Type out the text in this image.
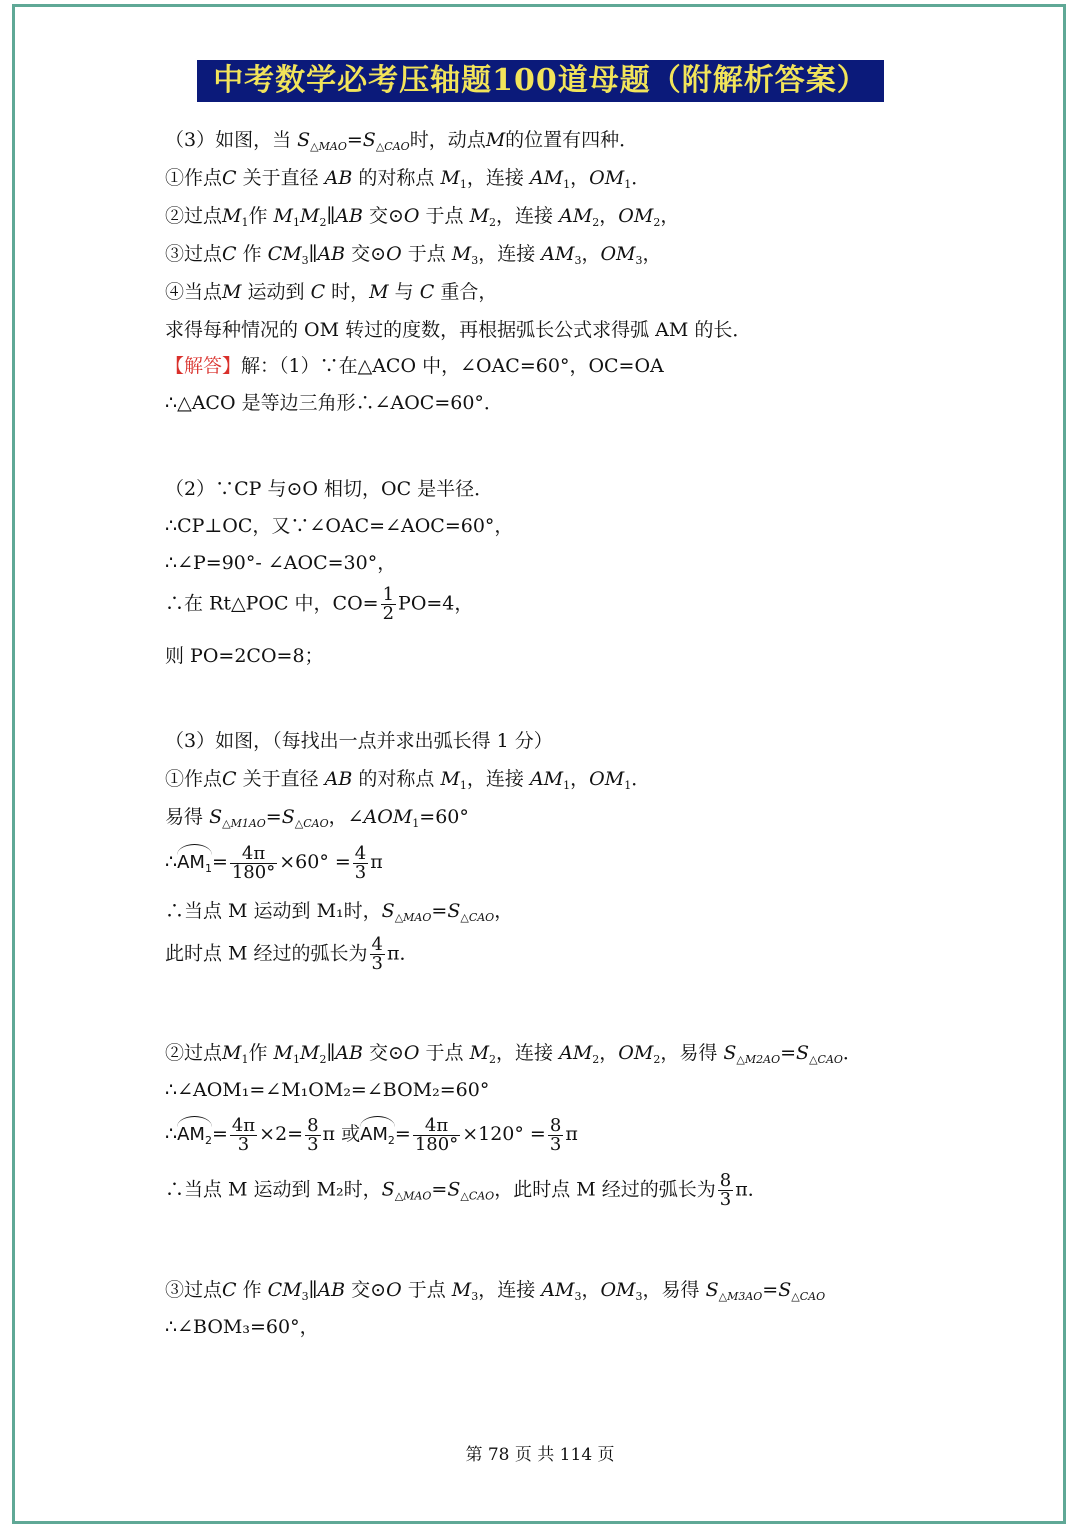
中考数学必考压轴题100道母题（附解析答案）
（3）如图，当 $S_{\triangle MAO}=S_{\triangle CAO}$时，动点M的位置有四种．
①作点C 关于直径 AB 的对称点 $M_1$，连接 $AM_1$，$OM_1$．
②过点$M_1$作 $M_1M_2\parallel AB$ 交⊙O 于点 $M_2$，连接 $AM_2$，$OM_2$，
③过点C 作 $CM_3\parallel AB$ 交⊙O 于点 $M_3$，连接 $AM_3$，$OM_3$，
④当点M 运动到 C 时，M 与 C 重合，
求得每种情况的 OM 转过的度数，再根据弧长公式求得弧 AM 的长．
【解答】解：（1）∵在△ACO 中，∠OAC=60°，OC=OA
∴△ACO 是等边三角形∴∠AOC=60°．
（2）∵CP 与⊙O 相切，OC 是半径．
∴CP⊥OC，又∵∠OAC=∠AOC=60°，
∴∠P=90°- ∠AOC=30°，
∴在 Rt△POC 中，$CO= \frac{1}{2} PO=4$，
则 PO=2CO=8；
（3）如图，（每找出一点并求出弧长得 1 分）
①作点C 关于直径 AB 的对称点 $M_1$，连接 $AM_1$，$OM_1$．
易得 $S_{\triangle M1AO}=S_{\triangle CAO}$，$\angle AOM_1=60^\circ$
$\therefore AM_1= \frac{4\pi}{180^\circ} \times 60^\circ = \frac{4}{3}$ π
∴当点 M 运动到 M₁时，$S_{\triangle MAO}=S_{\triangle CAO}$，
此时点 M 经过的弧长为 $\frac{4}{3}$ π．
②过点$M_1$作 $M_1M_2\parallel AB$ 交⊙O 于点 $M_2$，连接 $AM_2$，$OM_2$，易得 $S_{\triangle M2AO}=S_{\triangle CAO}$．
∴∠AOM₁=∠M₁OM₂=∠BOM₂=60°
$\therefore AM_2= \frac{4\pi}{3} \times 2= \frac{8}{3}$ π 或$AM_2= \frac{4\pi}{180^\circ} \times 120^\circ = \frac{8}{3}$ π
∴当点 M 运动到 M₂时，$S_{\triangle MAO}=S_{\triangle CAO}$，此时点 M 经过的弧长为 $\frac{8}{3}$ π．
③过点C 作 $CM_3\parallel AB$ 交⊙O 于点 $M_3$，连接 $AM_3$，$OM_3$，易得 $S_{\triangle M3AO}=S_{\triangle CAO}$
∴∠BOM₃=60°，
第 78 页 共 114 页
